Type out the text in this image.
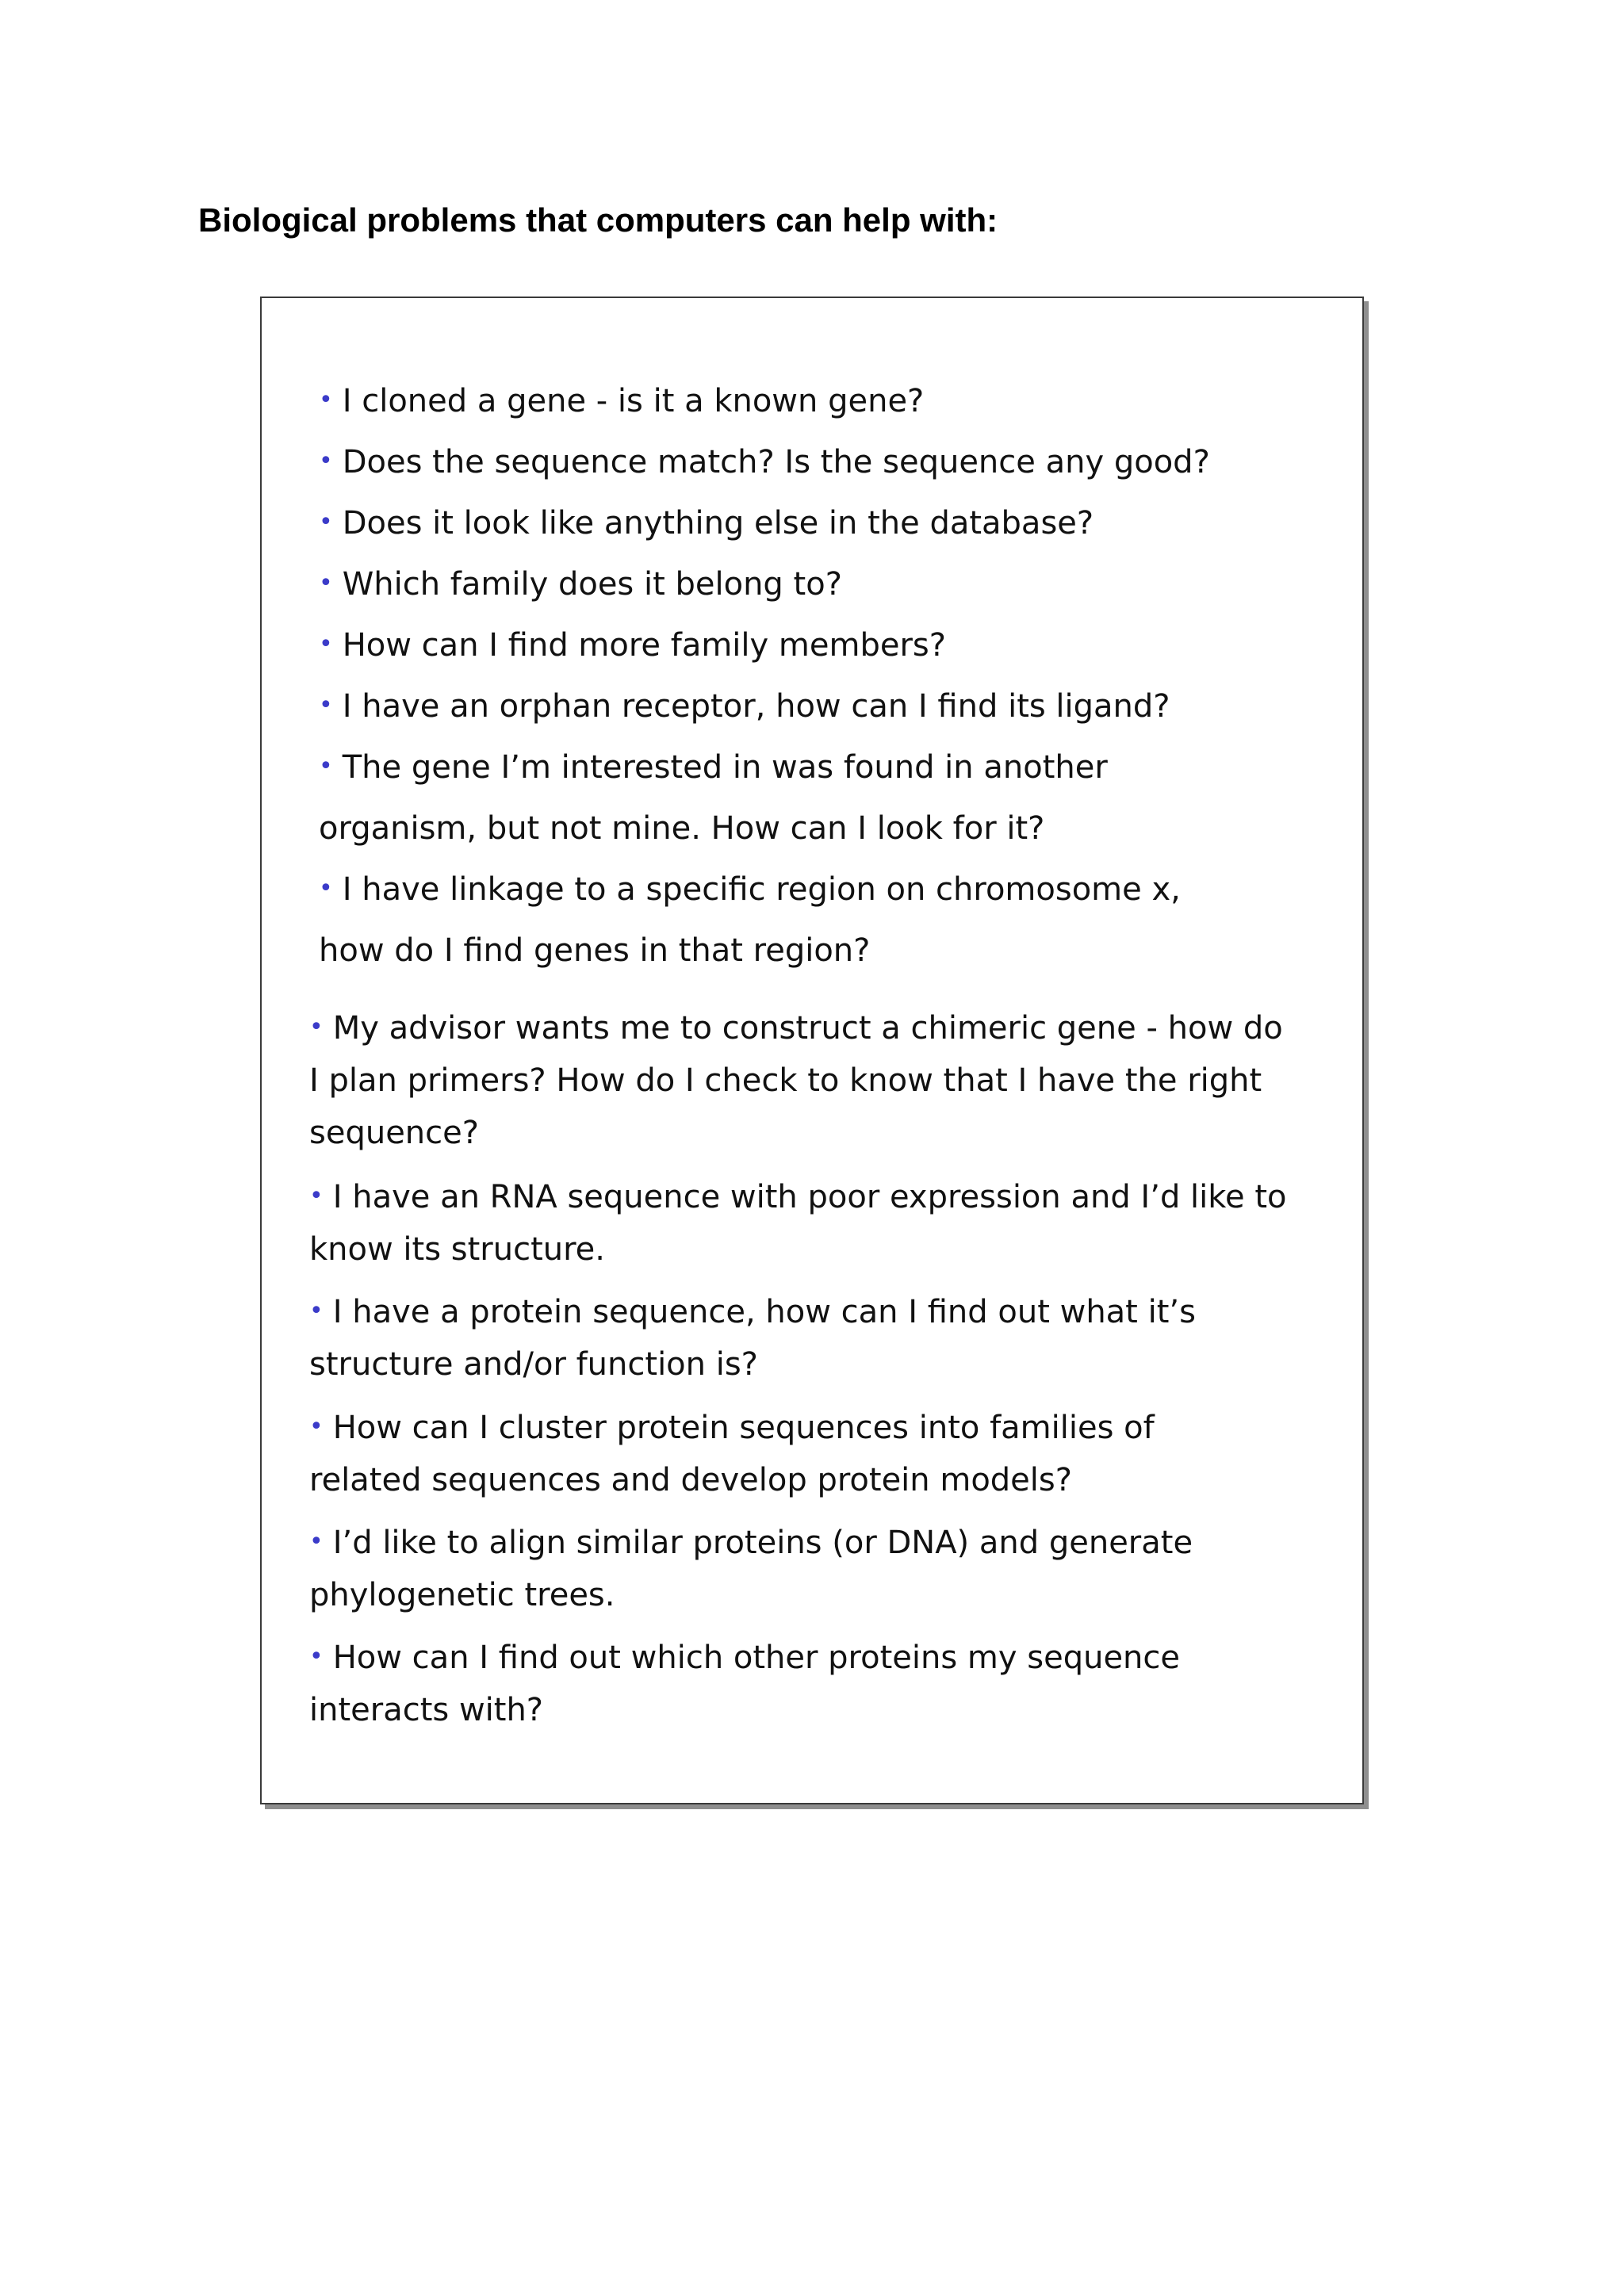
Biological problems that computers can help with:

• I cloned a gene - is it a known gene?

• Does the sequence match? Is the sequence any good?

• Does it look like anything else in the database?

• Which family does it belong to?

• How can I find more family members?

• I have an orphan receptor, how can I find its ligand?

• The gene I’m interested in was found in another
organism, but not mine. How can I look for it?

• I have linkage to a specific region on chromosome x,
how do I find genes in that region?

• My advisor wants me to construct a chimeric gene - how do
I plan primers? How do I check to know that I have the right
sequence?

• I have an RNA sequence with poor expression and I’d like to
know its structure.

• I have a protein sequence, how can I find out what it’s
structure and/or function is?

• How can I cluster protein sequences into families of
related sequences and develop protein models?

• I’d like to align similar proteins (or DNA) and generate
phylogenetic trees.

• How can I find out which other proteins my sequence
interacts with?
